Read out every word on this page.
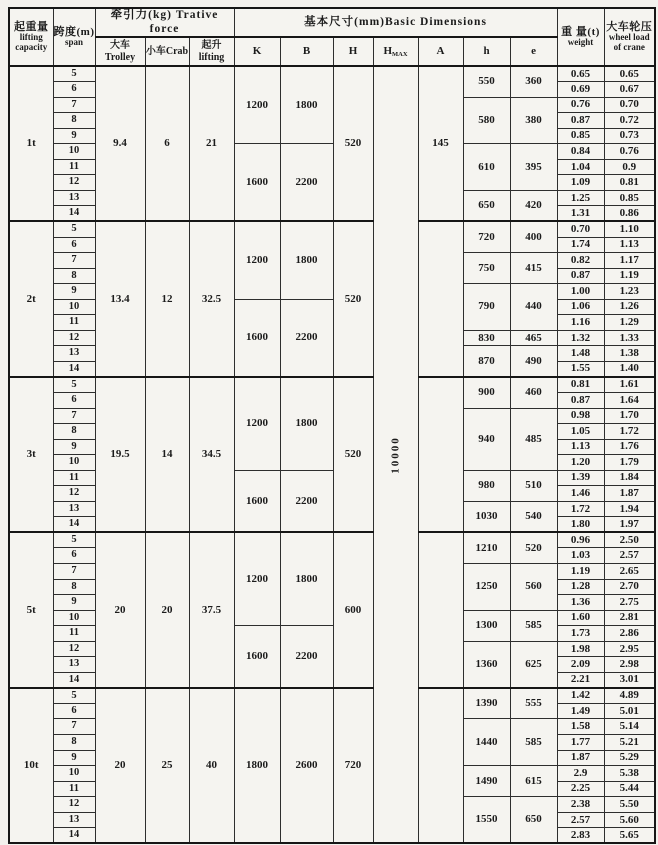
起重量
lifting capacity	跨度(m)
span	牵引力(kg) Trative force			基本尺寸(mm)Basic Dimensions							重 量(t)
weight	大车轮压
wheel load of crane

		大车Trolley	小车Crab	起升lifting	K	B	H	$H_{MAX}$	A	h	e		
1t	5	9.4	6	21	1200	1800	520	10000	145	550	360	0.65	0.65
	6											0.69	0.67
	7									580	380	0.76	0.70
	8											0.87	0.72
	9											0.85	0.73
	10				1600	2200				610	395	0.84	0.76
	11											1.04	0.9
	12											1.09	0.81
	13									650	420	1.25	0.85
	14											1.31	0.86
2t	5	13.4	12	32.5	1200	1800	520			720	400	0.70	1.10
	6											1.74	1.13
	7									750	415	0.82	1.17
	8											0.87	1.19
	9									790	440	1.00	1.23
	10				1600	2200						1.06	1.26
	11											1.16	1.29
	12									830	465	1.32	1.33
	13									870	490	1.48	1.38
	14											1.55	1.40
3t	5	19.5	14	34.5	1200	1800	520			900	460	0.81	1.61
	6											0.87	1.64
	7									940	485	0.98	1.70
	8											1.05	1.72
	9											1.13	1.76
	10											1.20	1.79
	11				1600	2200				980	510	1.39	1.84
	12											1.46	1.87
	13									1030	540	1.72	1.94
	14											1.80	1.97
5t	5	20	20	37.5	1200	1800	600			1210	520	0.96	2.50
	6											1.03	2.57
	7									1250	560	1.19	2.65
	8											1.28	2.70
	9											1.36	2.75
	10									1300	585	1.60	2.81
	11				1600	2200						1.73	2.86
	12									1360	625	1.98	2.95
	13											2.09	2.98
	14											2.21	3.01
10t	5	20	25	40	1800	2600	720			1390	555	1.42	4.89
	6											1.49	5.01
	7									1440	585	1.58	5.14
	8											1.77	5.21
	9											1.87	5.29
	10									1490	615	2.9	5.38
	11											2.25	5.44
	12									1550	650	2.38	5.50
	13											2.57	5.60
	14											2.83	5.65
